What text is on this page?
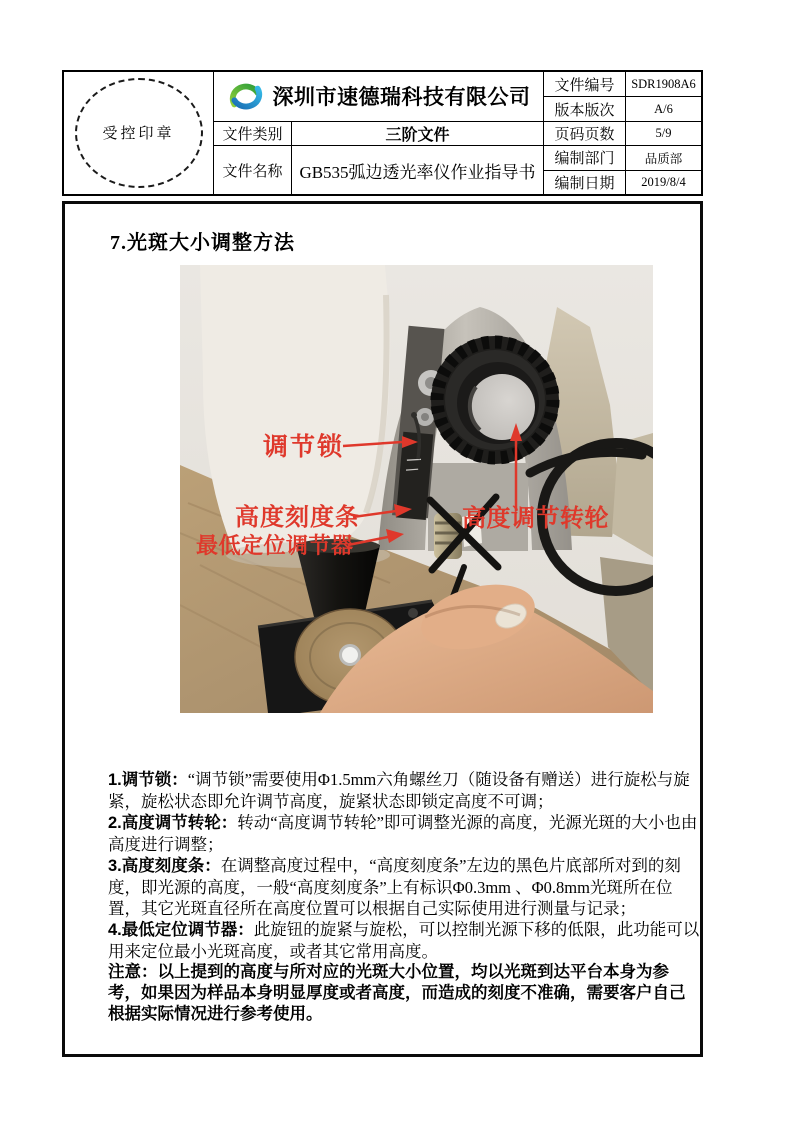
受控印章
深圳市速德瑞科技有限公司
文件类别	三阶文件
文件名称 GB535弧边透光率仪作业指导书
文件编号	SDR1908A6
版本版次	A/6
页码页数	5/9
编制部门	品质部
编制日期	2019/8/4
7.光斑大小调整方法
调节锁
高度刻度条
最低定位调节器
高度调节转轮

1.调节锁：“调节锁”需要使用Φ1.5mm六角螺丝刀（随设备有赠送）进行旋松与旋紧，旋松状态即允许调节高度，旋紧状态即锁定高度不可调；

2.高度调节转轮：转动“高度调节转轮”即可调整光源的高度，光源光斑的大小也由高度进行调整；

3.高度刻度条：在调整高度过程中，“高度刻度条”左边的黑色片底部所对到的刻度，即光源的高度，一般“高度刻度条”上有标识Φ0.3mm 、Φ0.8mm光斑所在位置，其它光斑直径所在高度位置可以根据自己实际使用进行测量与记录；

4.最低定位调节器：此旋钮的旋紧与旋松，可以控制光源下移的低限，此功能可以用来定位最小光斑高度，或者其它常用高度。

注意：以上提到的高度与所对应的光斑大小位置，均以光斑到达平台本身为参考，如果因为样品本身明显厚度或者高度，而造成的刻度不准确，需要客户自己根据实际情况进行参考使用。
